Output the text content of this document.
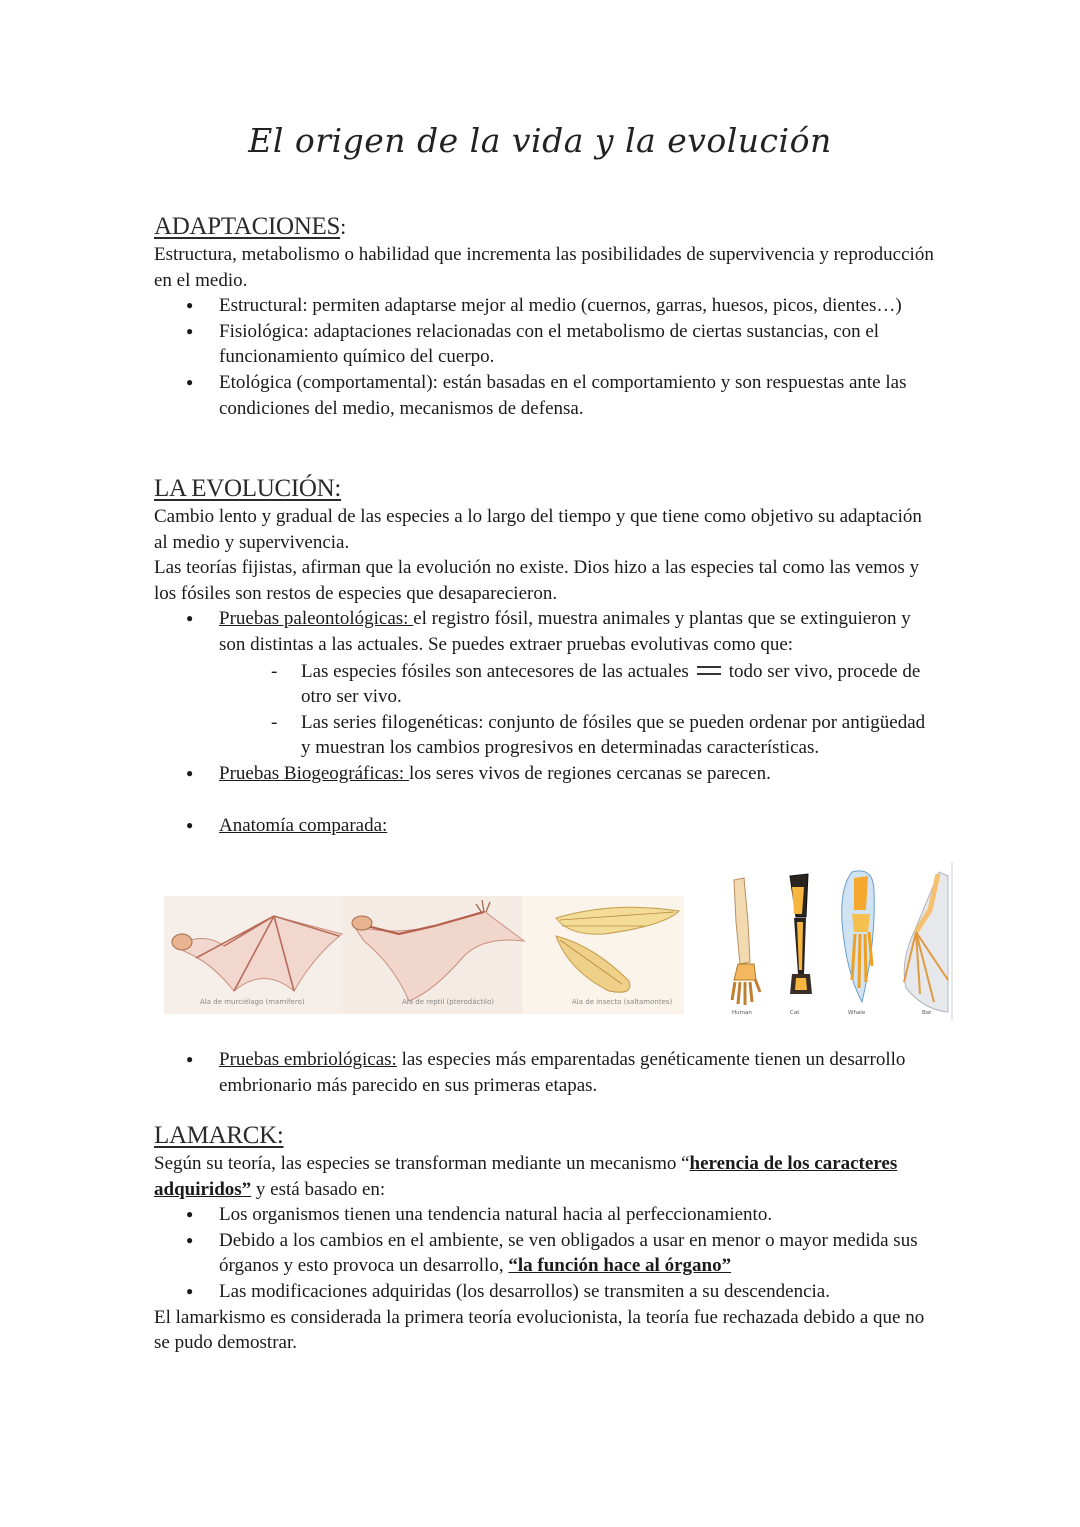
El origen de la vida y la evolución
ADAPTACIONES:

Estructura, metabolismo o habilidad que incrementa las posibilidades de supervivencia y reproducción en el medio.

● Estructural: permiten adaptarse mejor al medio (cuernos, garras, huesos, picos, dientes…)
● Fisiológica: adaptaciones relacionadas con el metabolismo de ciertas sustancias, con el funcionamiento químico del cuerpo.
● Etológica (comportamental): están basadas en el comportamiento y son respuestas ante las condiciones del medio, mecanismos de defensa.
LA EVOLUCIÓN:

Cambio lento y gradual de las especies a lo largo del tiempo y que tiene como objetivo su adaptación al medio y supervivencia.

Las teorías fijistas, afirman que la evolución no existe. Dios hizo a las especies tal como las vemos y los fósiles son restos de especies que desaparecieron.

● Pruebas paleontológicas: el registro fósil, muestra animales y plantas que se extinguieron y son distintas a las actuales. Se puedes extraer pruebas evolutivas como que:
- Las especies fósiles son antecesores de las actuales todo ser vivo, procede de otro ser vivo.
- Las series filogenéticas: conjunto de fósiles que se pueden ordenar por antigüedad y muestran los cambios progresivos en determinadas características.
● Pruebas Biogeográficas: los seres vivos de regiones cercanas se parecen.
● Anatomía comparada:
Ala de murciélago (mamífero)	Ala de reptil (pterodáctilo)	Ala de insecto (saltamontes)
Human	Cat	Whale	Bat
● Pruebas embriológicas: las especies más emparentadas genéticamente tienen un desarrollo embrionario más parecido en sus primeras etapas.
LAMARCK:

Según su teoría, las especies se transforman mediante un mecanismo “herencia de los caracteres adquiridos” y está basado en:

● Los organismos tienen una tendencia natural hacia al perfeccionamiento.
● Debido a los cambios en el ambiente, se ven obligados a usar en menor o mayor medida sus órganos y esto provoca un desarrollo, “la función hace al órgano”
● Las modificaciones adquiridas (los desarrollos) se transmiten a su descendencia.

El lamarkismo es considerada la primera teoría evolucionista, la teoría fue rechazada debido a que no se pudo demostrar.
